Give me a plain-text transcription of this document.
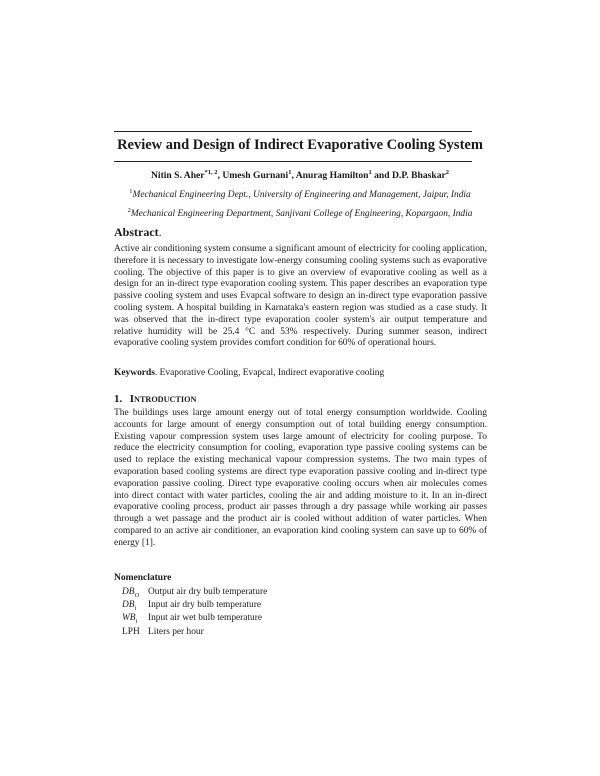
Review and Design of Indirect Evaporative Cooling System
Nitin S. Aher$^{*1, 2}$, Umesh Gurnani$^1$, Anurag Hamilton$^1$ and D.P. Bhaskar$^2$
$^1$Mechanical Engineering Dept., University of Engineering and Management, Jaipur, India
$^2$Mechanical Engineering Department, Sanjivani College of Engineering, Kopargaon, India
Abstract.
Active air conditioning system consume a significant amount of electricity for cooling application, therefore it is necessary to investigate low-energy consuming cooling systems such as evaporative cooling. The objective of this paper is to give an overview of evaporative cooling as well as a design for an in-direct type evaporation cooling system. This paper describes an evaporation type passive cooling system and uses Evapcal software to design an in-direct type evaporation passive cooling system. A hospital building in Karnataka's eastern region was studied as a case study. It was observed that the in-direct type evaporation cooler system's air output temperature and relative humidity will be 25.4 °C and 53% respectively. During summer season, indirect evaporative cooling system provides comfort condition for 60% of operational hours.
Keywords. Evaporative Cooling, Evapcal, Indirect evaporative cooling
1. INTRODUCTION
The buildings uses large amount energy out of total energy consumption worldwide. Cooling accounts for large amount of energy consumption out of total building energy consumption. Existing vapour compression system uses large amount of electricity for cooling purpose. To reduce the electricity consumption for cooling, evaporation type passive cooling systems can be used to replace the existing mechanical vapour compression systems. The two main types of evaporation based cooling systems are direct type evaporation passive cooling and in-direct type evaporation passive cooling. Direct type evaporative cooling occurs when air molecules comes into direct contact with water particles, cooling the air and adding moisture to it. In an in-direct evaporative cooling process, product air passes through a dry passage while working air passes through a wet passage and the product air is cooled without addition of water particles. When compared to an active air conditioner, an evaporation kind cooling system can save up to 60% of energy [1].
Nomenclature
$DB_O$ Output air dry bulb temperature
$DB_i$	Input air dry bulb temperature
$WB_i$	Input air wet bulb temperature
LPH Liters per hour
